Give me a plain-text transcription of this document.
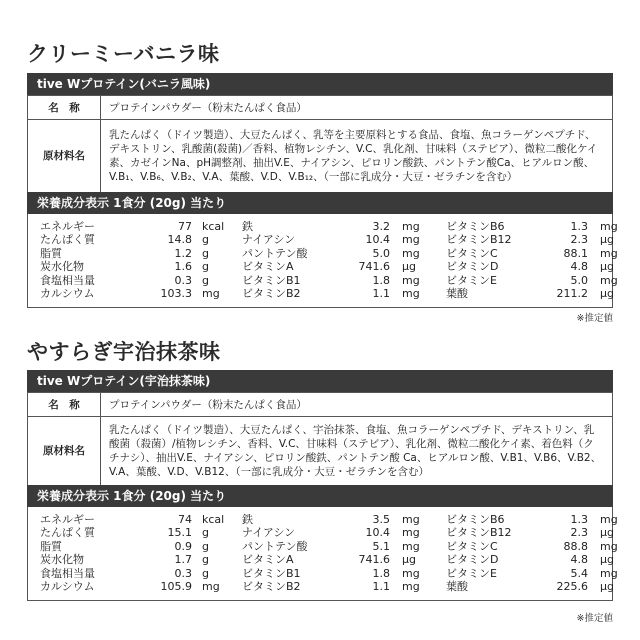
クリーミーバニラ味
tive Wプロテイン(バニラ風味)
名　称	プロテインパウダー（粉末たんぱく食品）
原材料名	乳たんぱく（ドイツ製造）、大豆たんぱく、乳等を主要原料とする食品、食塩、魚コラーゲンペプチド、デキストリン、乳酸菌(殺菌)／香料、植物レシチン、V.C、乳化剤、甘味料（ステビア）、微粒二酸化ケイ素、カゼインNa、pH調整剤、抽出V.E、ナイアシン、ピロリン酸鉄、パントテン酸Ca、ヒアルロン酸、V.B₁、V.B₆、V.B₂、V.A、葉酸、V.D、V.B₁₂、（一部に乳成分・大豆・ゼラチンを含む）
栄養成分表示 1食分 (20g) 当たり
エネルギー	77 kcal	鉄	3.2	mg	ビタミンB6	1.3	mg
たんぱく質	14.8 g	ナイアシン	10.4	mg	ビタミンB12	2.3	μg
脂質	1.2 g	パントテン酸	5.0	mg	ビタミンC	88.1	mg
炭水化物	1.6 g	ビタミンA	741.6	μg	ビタミンD	4.8	μg
食塩相当量	0.3 g	ビタミンB1	1.8	mg	ビタミンE	5.0	mg
カルシウム	103.3 mg	ビタミンB2	1.1	mg	葉酸	211.2	μg
※推定値
やすらぎ宇治抹茶味
tive Wプロテイン(宇治抹茶味)
名　称	プロテインパウダー（粉末たんぱく食品）
原材料名	乳たんぱく（ドイツ製造）、大豆たんぱく、宇治抹茶、食塩、魚コラーゲンペプチド、デキストリン、乳酸菌（殺菌）/植物レシチン、香料、V.C、甘味料（ステビア）、乳化剤、微粒二酸化ケイ素、着色料（クチナシ）、抽出V.E、ナイアシン、ピロリン酸鉄、パントテン酸 Ca、ヒアルロン酸、V.B1、V.B6、V.B2、V.A、葉酸、V.D、V.B12、（一部に乳成分・大豆・ゼラチンを含む）
栄養成分表示 1食分 (20g) 当たり
エネルギー	74 kcal	鉄	3.5	mg	ビタミンB6	1.3	mg
たんぱく質	15.1 g	ナイアシン	10.4	mg	ビタミンB12	2.3	μg
脂質	0.9 g	パントテン酸	5.1	mg	ビタミンC	88.8	mg
炭水化物	1.7 g	ビタミンA	741.6	μg	ビタミンD	4.8	μg
食塩相当量	0.3 g	ビタミンB1	1.8	mg	ビタミンE	5.4	mg
カルシウム	105.9 mg	ビタミンB2	1.1	mg	葉酸	225.6	μg
※推定値
